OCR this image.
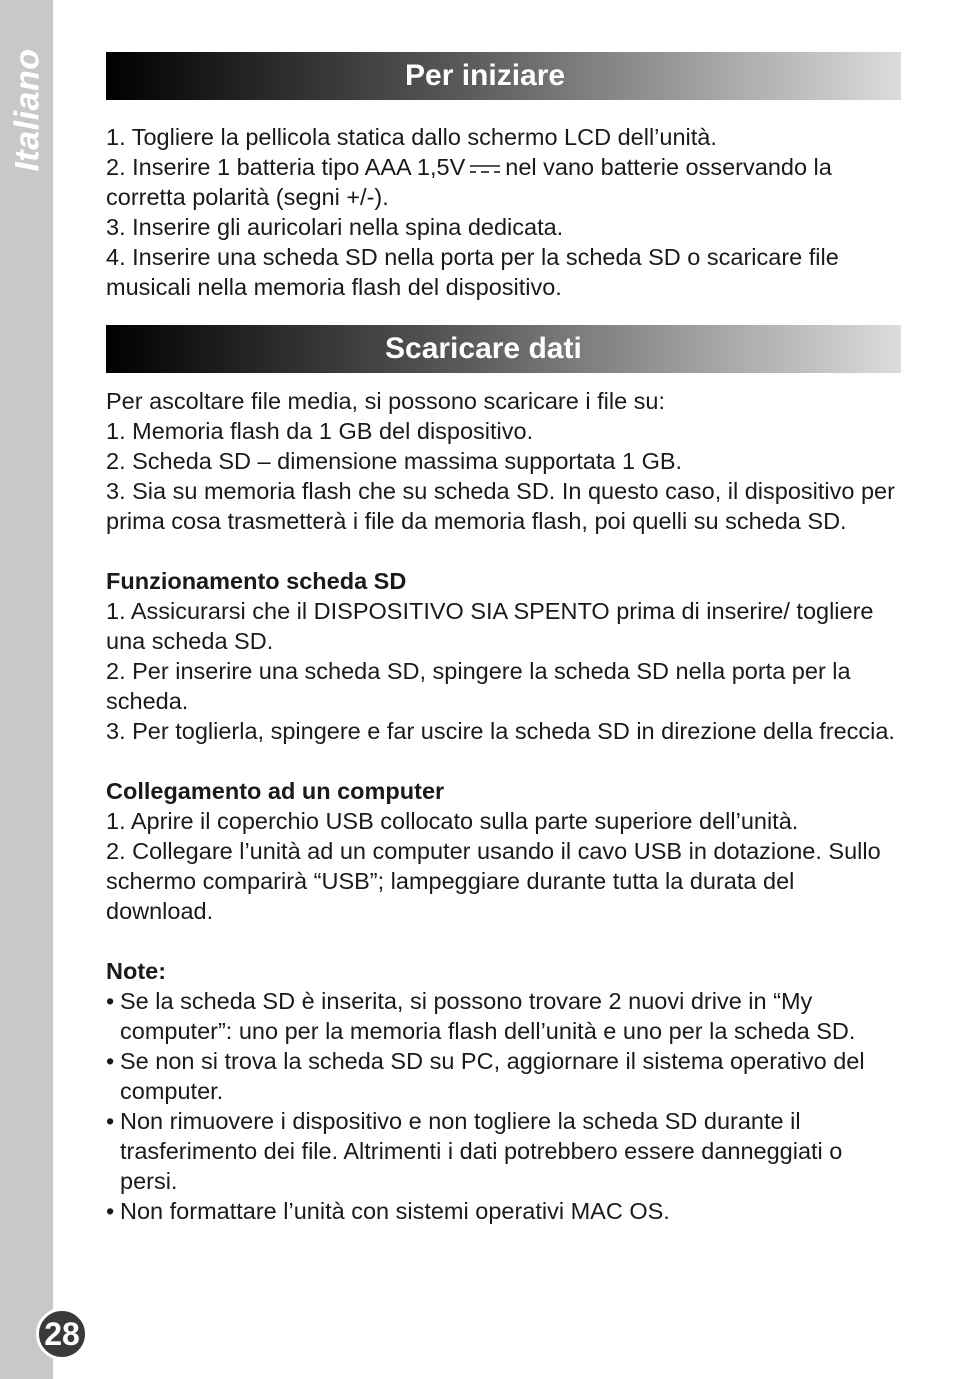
Italiano
28
Per iniziare

1. Togliere la pellicola statica dallo schermo LCD dell’unità.

2. Inserire 1 batteria tipo AAA 1,5V nel vano batterie osservando la corretta polarità (segni +/-).

3. Inserire gli auricolari nella spina dedicata.

4. Inserire una scheda SD nella porta per la scheda SD o scaricare file musicali nella memoria flash del dispositivo.

Scaricare dati

Per ascoltare file media, si possono scaricare i file su:

1. Memoria flash da 1 GB del dispositivo.

2. Scheda SD – dimensione massima supportata 1 GB.

3. Sia su memoria flash che su scheda SD. In questo caso, il dispositivo per prima cosa trasmetterà i file da memoria flash, poi quelli su scheda SD.

Funzionamento scheda SD

1. Assicurarsi che il DISPOSITIVO SIA SPENTO prima di inserire/ togliere una scheda SD.

2. Per inserire una scheda SD, spingere la scheda SD nella porta per la scheda.

3. Per toglierla, spingere e far uscire la scheda SD in direzione della freccia.

Collegamento ad un computer

1. Aprire il coperchio USB collocato sulla parte superiore dell’unità.

2. Collegare l’unità ad un computer usando il cavo USB in dotazione. Sullo schermo comparirà “USB”; lampeggiare durante tutta la durata del download.

Note:

• Se la scheda SD è inserita, si possono trovare 2 nuovi drive in “My computer”: uno per la memoria flash dell’unità e uno per la scheda SD.

• Se non si trova la scheda SD su PC, aggiornare il sistema operativo del computer.

• Non rimuovere i dispositivo e non togliere la scheda SD durante il trasferimento dei file. Altrimenti i dati potrebbero essere danneggiati o persi.

• Non formattare l’unità con sistemi operativi MAC OS.
